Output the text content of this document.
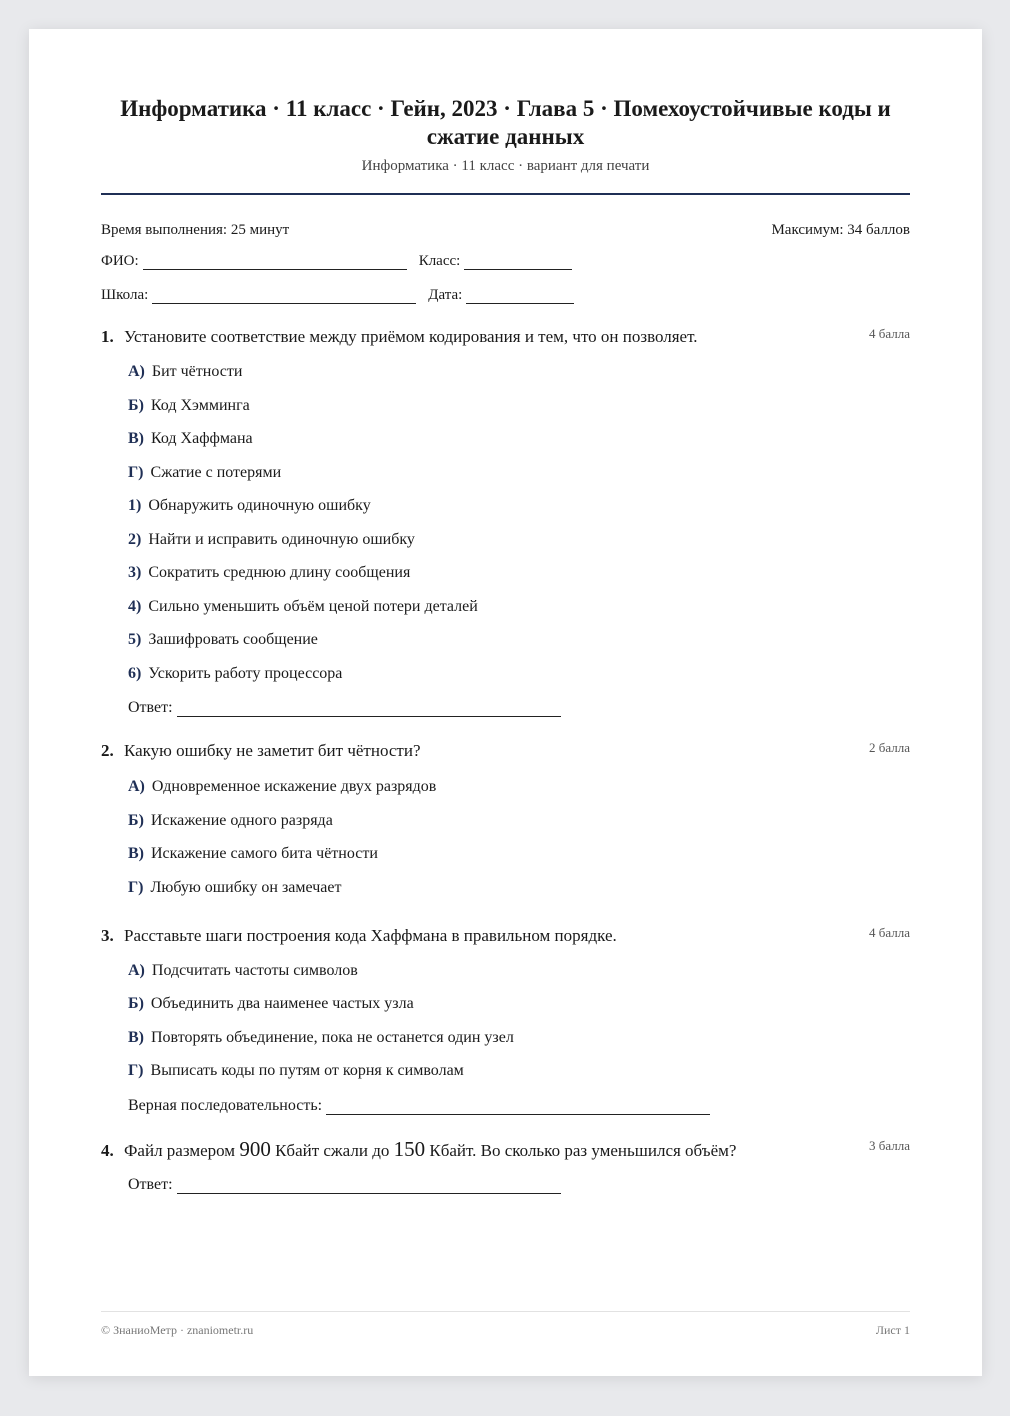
Информатика · 11 класс · Гейн, 2023 · Глава 5 · Помехоустойчивые коды и сжатие данных
Информатика · 11 класс · вариант для печати
Время выполнения: 25 минут	Максимум: 34 баллов
ФИО:	Класс:
Школа:	Дата:
1. Установите соответствие между приёмом кодирования и тем, что он позволяет.	4 балла
А) Бит чётности
Б) Код Хэмминга
В) Код Хаффмана
Г) Сжатие с потерями
1) Обнаружить одиночную ошибку
2) Найти и исправить одиночную ошибку
3) Сократить среднюю длину сообщения
4) Сильно уменьшить объём ценой потери деталей
5) Зашифровать сообщение
6) Ускорить работу процессора
Ответ:
2. Какую ошибку не заметит бит чётности?	2 балла
А) Одновременное искажение двух разрядов
Б) Искажение одного разряда
В) Искажение самого бита чётности
Г) Любую ошибку он замечает
3. Расставьте шаги построения кода Хаффмана в правильном порядке.	4 балла
А) Подсчитать частоты символов
Б) Объединить два наименее частых узла
В) Повторять объединение, пока не останется один узел
Г) Выписать коды по путям от корня к символам
Верная последовательность:
4. Файл размером 900 Кбайт сжали до 150 Кбайт. Во сколько раз уменьшился объём?	3 балла
Ответ:
© ЗнаниоМетр · znaniometr.ru	Лист 1
